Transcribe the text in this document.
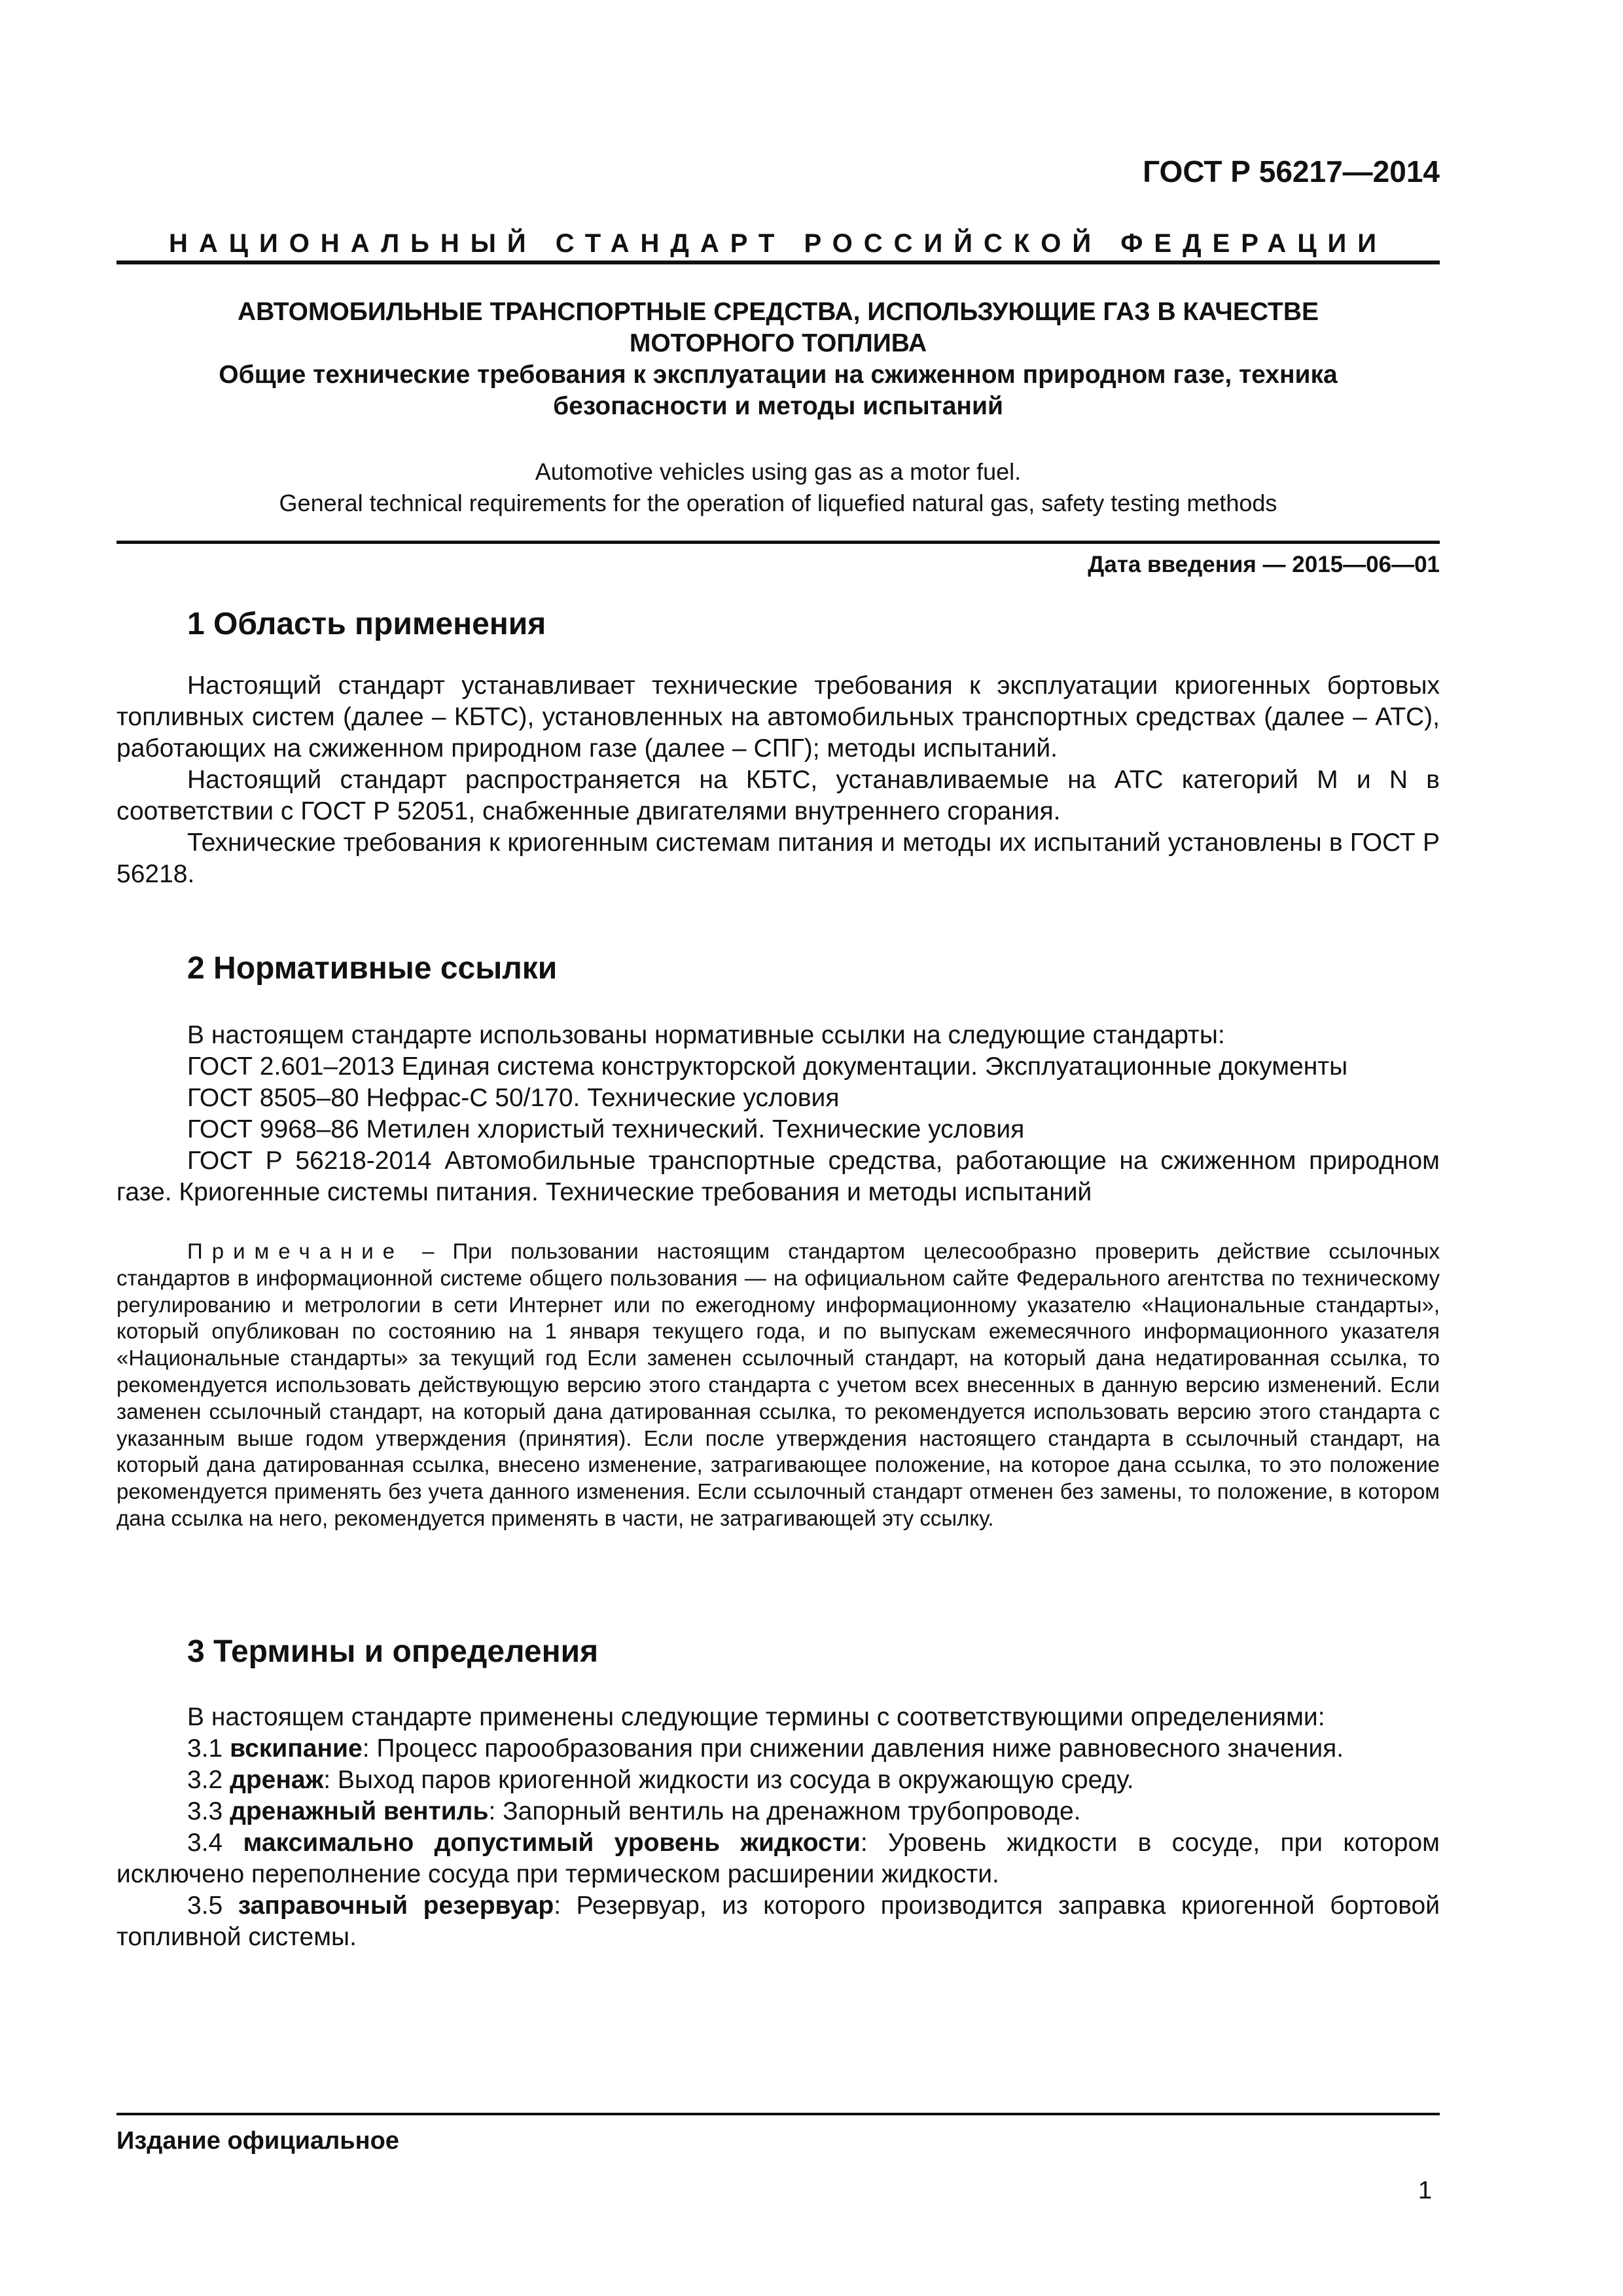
ГОСТ Р 56217—2014
НАЦИОНАЛЬНЫЙ СТАНДАРТ РОССИЙСКОЙ ФЕДЕРАЦИИ
АВТОМОБИЛЬНЫЕ ТРАНСПОРТНЫЕ СРЕДСТВА, ИСПОЛЬЗУЮЩИЕ ГАЗ В КАЧЕСТВЕ
МОТОРНОГО ТОПЛИВА
Общие технические требования к эксплуатации на сжиженном природном газе, техника
безопасности и методы испытаний
Automotive vehicles using gas as a motor fuel.
General technical requirements for the operation of liquefied natural gas, safety testing methods
Дата введения — 2015—06—01
1 Область применения

Настоящий стандарт устанавливает технические требования к эксплуатации криогенных бортовых топливных систем (далее – КБТС), установленных на автомобильных транспортных средствах (далее – АТС), работающих на сжиженном природном газе (далее – СПГ); методы испытаний.

Настоящий стандарт распространяется на КБТС, устанавливаемые на АТС категорий М и N в соответствии с ГОСТ Р 52051, снабженные двигателями внутреннего сгорания.

Технические требования к криогенным системам питания и методы их испытаний установлены в ГОСТ Р 56218.

2 Нормативные ссылки

В настоящем стандарте использованы нормативные ссылки на следующие стандарты:

ГОСТ 2.601–2013 Единая система конструкторской документации. Эксплуатационные документы

ГОСТ 8505–80 Нефрас-С 50/170. Технические условия

ГОСТ 9968–86 Метилен хлористый технический. Технические условия

ГОСТ Р 56218-2014 Автомобильные транспортные средства, работающие на сжиженном природном газе. Криогенные системы питания. Технические требования и методы испытаний

Примечание – При пользовании настоящим стандартом целесообразно проверить действие ссылочных стандартов в информационной системе общего пользования — на официальном сайте Федерального агентства по техническому регулированию и метрологии в сети Интернет или по ежегодному информационному указателю «Национальные стандарты», который опубликован по состоянию на 1 января текущего года, и по выпускам ежемесячного информационного указателя «Национальные стандарты» за текущий год Если заменен ссылочный стандарт, на который дана недатированная ссылка, то рекомендуется использовать действующую версию этого стандарта с учетом всех внесенных в данную версию изменений. Если заменен ссылочный стандарт, на который дана датированная ссылка, то рекомендуется использовать версию этого стандарта с указанным выше годом утверждения (принятия). Если после утверждения настоящего стандарта в ссылочный стандарт, на который дана датированная ссылка, внесено изменение, затрагивающее положение, на которое дана ссылка, то это положение рекомендуется применять без учета данного изменения. Если ссылочный стандарт отменен без замены, то положение, в котором дана ссылка на него, рекомендуется применять в части, не затрагивающей эту ссылку.

3 Термины и определения

В настоящем стандарте применены следующие термины с соответствующими определениями:

3.1 вскипание: Процесс парообразования при снижении давления ниже равновесного значения.

3.2 дренаж: Выход паров криогенной жидкости из сосуда в окружающую среду.

3.3 дренажный вентиль: Запорный вентиль на дренажном трубопроводе.

3.4 максимально допустимый уровень жидкости: Уровень жидкости в сосуде, при котором исключено переполнение сосуда при термическом расширении жидкости.

3.5 заправочный резервуар: Резервуар, из которого производится заправка криогенной бортовой топливной системы.

Издание официальное
1
